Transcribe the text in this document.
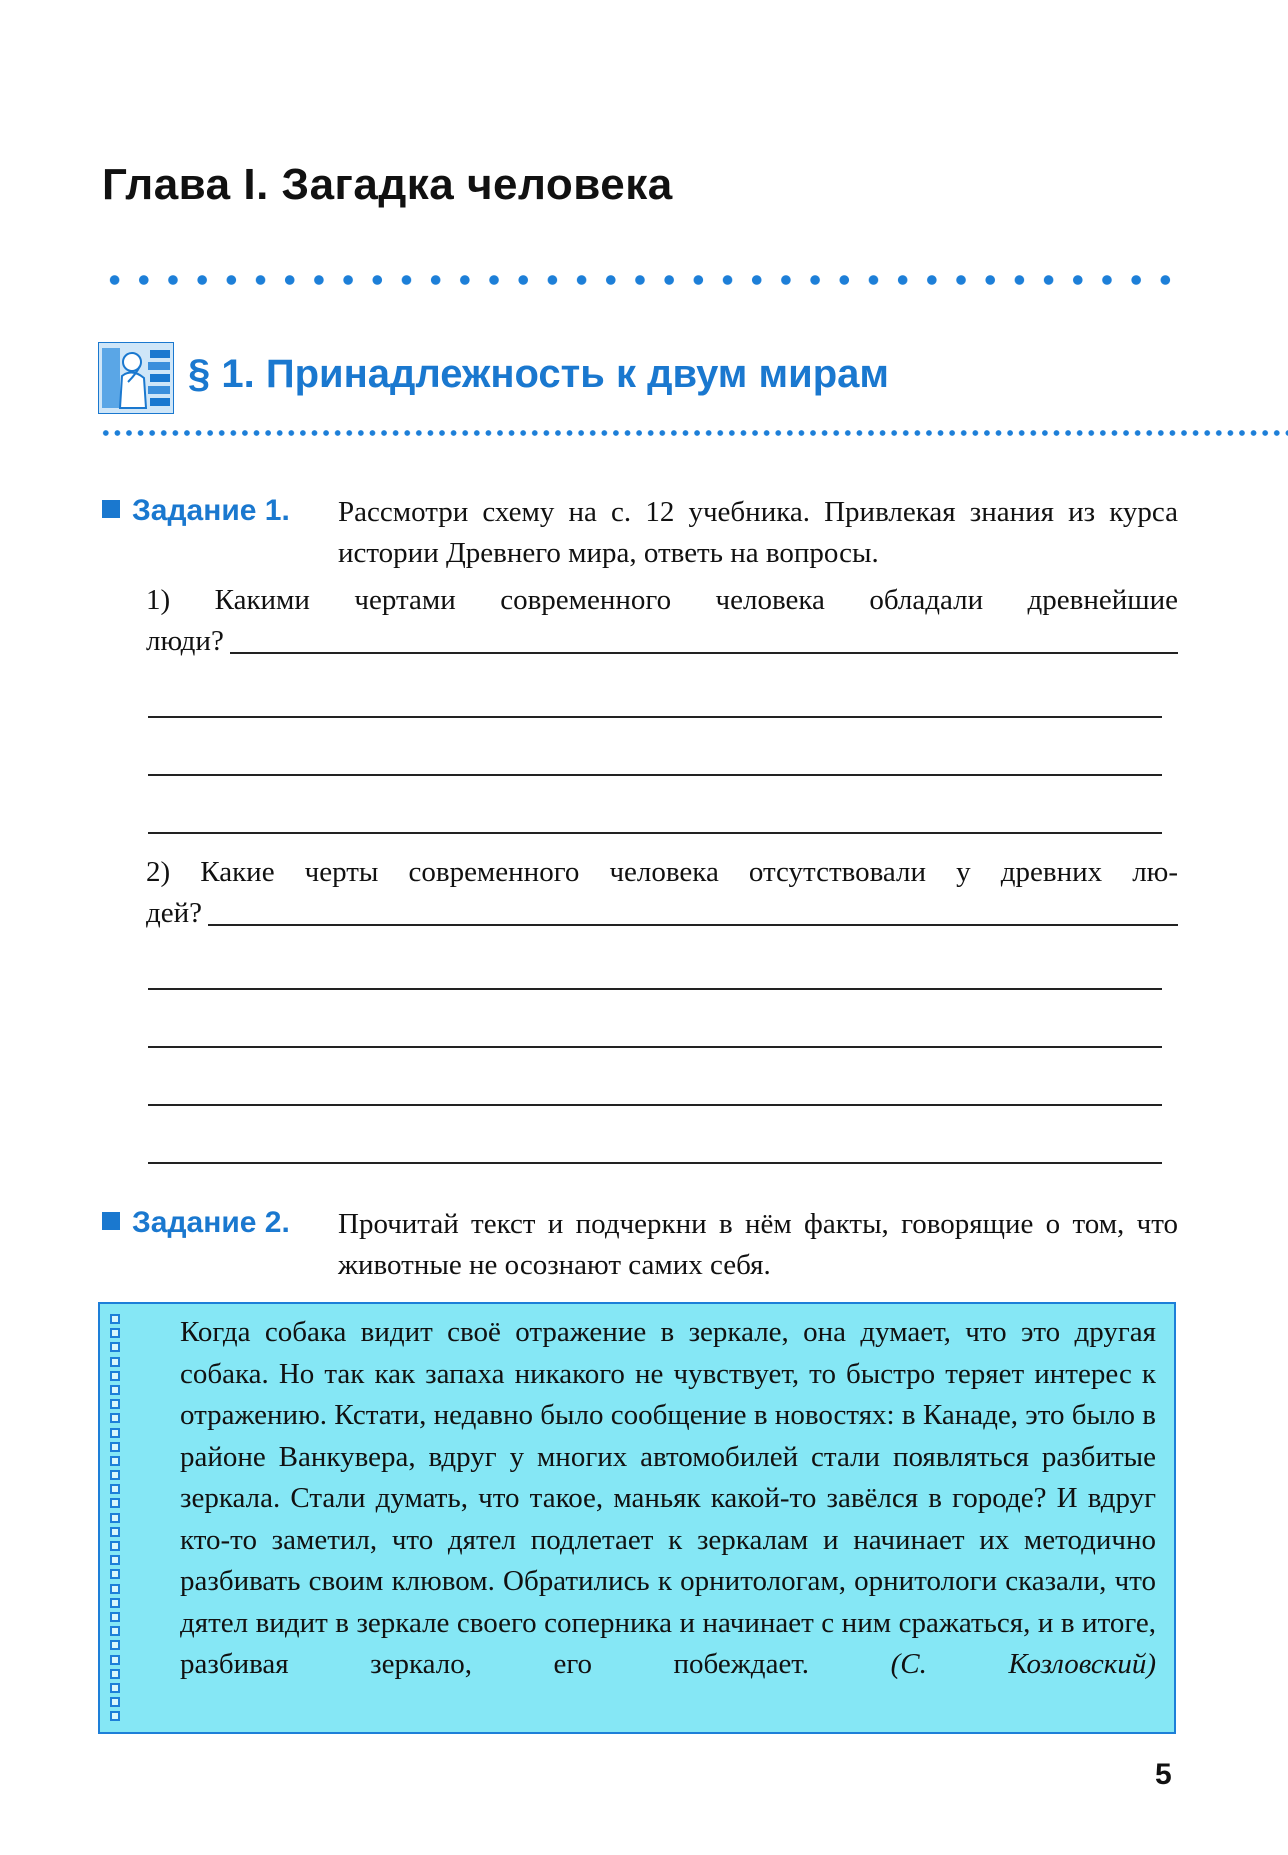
Глава I. Загадка человека
§ 1. Принадлежность к двум мирам
Задание 1. Рассмотри схему на с. 12 учебника. Привлекая знания из курса истории Древнего мира, ответь на вопросы.
1) Какими чертами современного человека обладали древнейшие
люди?
2) Какие черты современного человека отсутствовали у древних лю-
дей?
Задание 2. Прочитай текст и подчеркни в нём факты, говорящие о том, что животные не осознают самих себя.
Когда собака видит своё отражение в зеркале, она думает, что это другая собака. Но так как запаха никакого не чувствует, то быстро теряет интерес к отражению. Кстати, недавно было сообщение в новостях: в Канаде, это было в районе Ванкувера, вдруг у многих автомобилей стали появляться разбитые зеркала. Стали думать, что такое, маньяк какой-то завёлся в городе? И вдруг кто-то заметил, что дятел подлетает к зеркалам и начинает их методично разбивать своим клювом. Обратились к орнитологам, орнитологи сказали, что дятел видит в зеркале своего соперника и начинает с ним сражаться, и в итоге, разбивая зеркало, его побеждает.	(С. Козловский)
5
